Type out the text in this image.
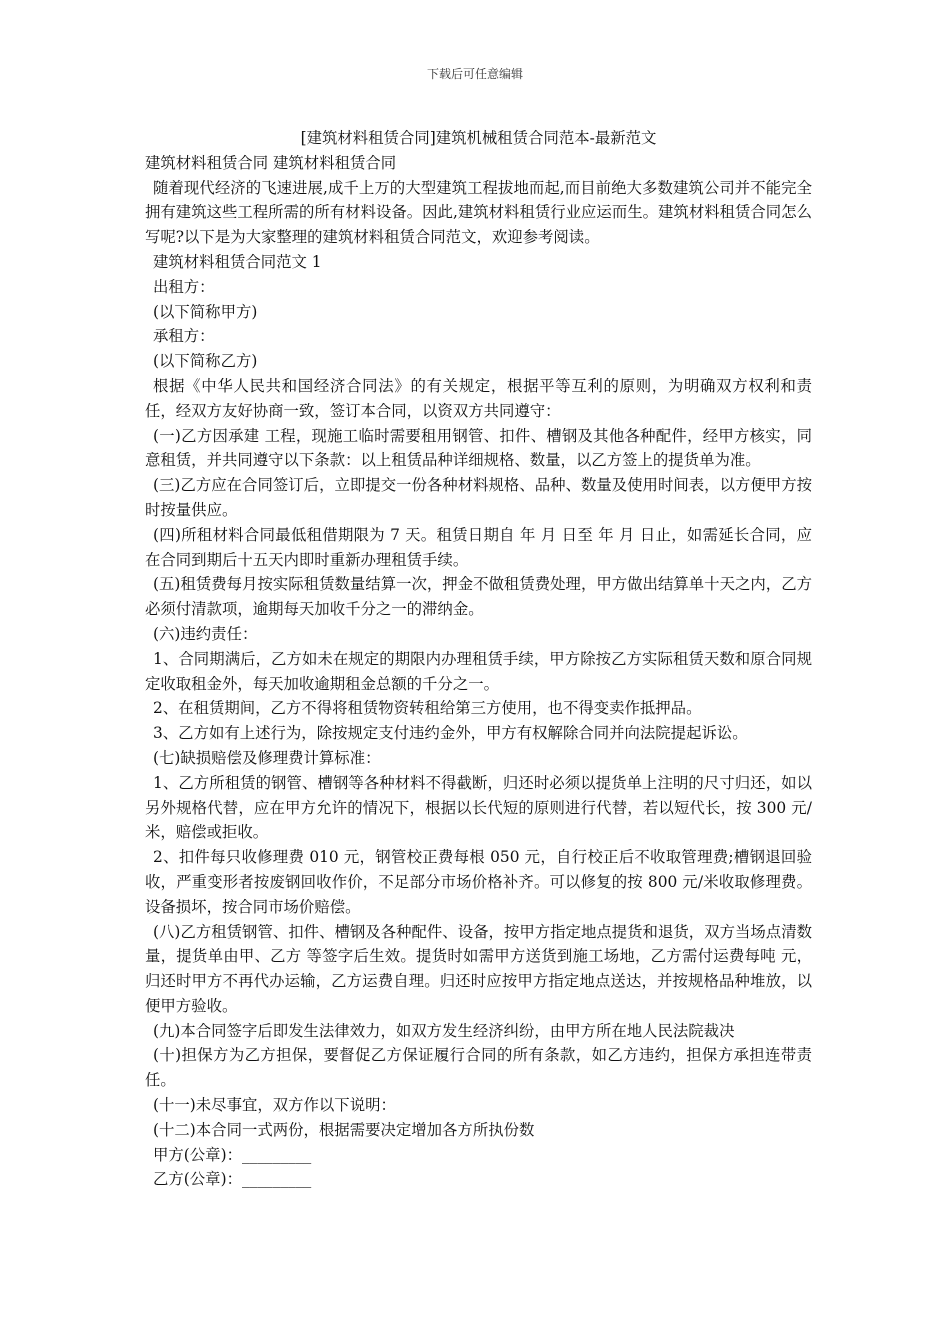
下载后可任意编辑
[建筑材料租赁合同]建筑机械租赁合同范本-最新范文

建筑材料租赁合同 建筑材料租赁合同

随着现代经济的飞速进展,成千上万的大型建筑工程拔地而起,而目前绝大多数建筑公司并不能完全拥有建筑这些工程所需的所有材料设备。因此,建筑材料租赁行业应运而生。建筑材料租赁合同怎么写呢?以下是为大家整理的建筑材料租赁合同范文，欢迎参考阅读。

建筑材料租赁合同范文 1

出租方：

(以下简称甲方)

承租方：

(以下简称乙方)

根据《中华人民共和国经济合同法》的有关规定，根据平等互利的原则，为明确双方权利和责任，经双方友好协商一致，签订本合同，以资双方共同遵守：

(一)乙方因承建 工程，现施工临时需要租用钢管、扣件、槽钢及其他各种配件，经甲方核实，同意租赁，并共同遵守以下条款：以上租赁品种详细规格、数量，以乙方签上的提货单为准。

(三)乙方应在合同签订后，立即提交一份各种材料规格、品种、数量及使用时间表，以方便甲方按时按量供应。

(四)所租材料合同最低租借期限为 7 天。租赁日期自 年 月 日至 年 月 日止，如需延长合同，应在合同到期后十五天内即时重新办理租赁手续。

(五)租赁费每月按实际租赁数量结算一次，押金不做租赁费处理，甲方做出结算单十天之内，乙方必须付清款项，逾期每天加收千分之一的滞纳金。

(六)违约责任：

1、合同期满后，乙方如未在规定的期限内办理租赁手续，甲方除按乙方实际租赁天数和原合同规定收取租金外，每天加收逾期租金总额的千分之一。

2、在租赁期间，乙方不得将租赁物资转租给第三方使用，也不得变卖作抵押品。

3、乙方如有上述行为，除按规定支付违约金外，甲方有权解除合同并向法院提起诉讼。

(七)缺损赔偿及修理费计算标准：

1、乙方所租赁的钢管、槽钢等各种材料不得截断，归还时必须以提货单上注明的尺寸归还，如以另外规格代替，应在甲方允许的情况下，根据以长代短的原则进行代替，若以短代长，按 300 元/米，赔偿或拒收。

2、扣件每只收修理费 010 元，钢管校正费每根 050 元，自行校正后不收取管理费;槽钢退回验收，严重变形者按废钢回收作价，不足部分市场价格补齐。可以修复的按 800 元/米收取修理费。设备损坏，按合同市场价赔偿。

(八)乙方租赁钢管、扣件、槽钢及各种配件、设备，按甲方指定地点提货和退货，双方当场点清数量，提货单由甲、乙方 等签字后生效。提货时如需甲方送货到施工场地，乙方需付运费每吨 元，归还时甲方不再代办运输，乙方运费自理。归还时应按甲方指定地点送达，并按规格品种堆放，以便甲方验收。

(九)本合同签字后即发生法律效力，如双方发生经济纠纷，由甲方所在地人民法院裁决

(十)担保方为乙方担保，要督促乙方保证履行合同的所有条款，如乙方违约，担保方承担连带责任。

(十一)未尽事宜，双方作以下说明：

(十二)本合同一式两份，根据需要决定增加各方所执份数

甲方(公章)：_________

乙方(公章)：_________
